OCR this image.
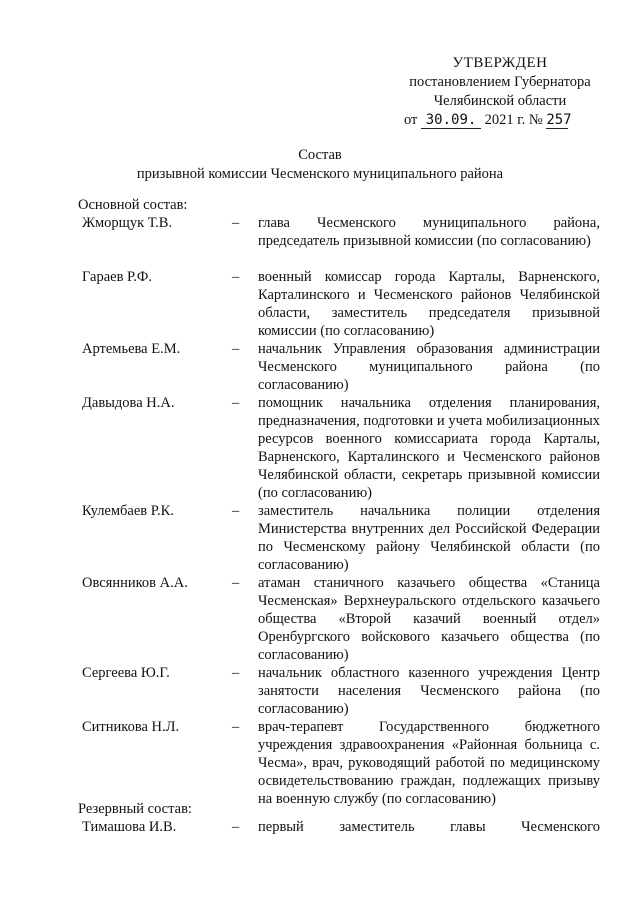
УТВЕРЖДЕН
постановлением Губернатора
Челябинской области
от 30.09. 2021 г. № 257
Состав
призывной комиссии Чесменского муниципального района
Основной состав:
Жморщук Т.В.	– глава Чесменского муниципального района, председатель призывной комиссии (по согласованию)
Гараев Р.Ф.	– военный комиссар города Карталы, Варненского, Карталинского и Чесменского районов Челябинской области, заместитель председателя призывной комиссии (по согласованию)
Артемьева Е.М.	– начальник Управления образования администрации Чесменского муниципального района (по согласованию)
Давыдова Н.А.	– помощник начальника отделения планирования, предназначения, подготовки и учета мобилизационных ресурсов военного комиссариата города Карталы, Варненского, Карталинского и Чесменского районов Челябинской области, секретарь призывной комиссии (по согласованию)
Кулембаев Р.К.	– заместитель начальника полиции отделения Министерства внутренних дел Российской Федерации по Чесменскому району Челябинской области (по согласованию)
Овсянников А.А.	– атаман станичного казачьего общества «Станица Чесменская» Верхнеуральского отдельского казачьего общества «Второй казачий военный отдел» Оренбургского войскового казачьего общества (по согласованию)
Сергеева Ю.Г.	– начальник областного казенного учреждения Центр занятости населения Чесменского района (по согласованию)
Ситникова Н.Л.	– врач-терапевт Государственного бюджетного учреждения здравоохранения «Районная больница с. Чесма», врач, руководящий работой по медицинскому освидетельствованию граждан, подлежащих призыву на военную службу (по согласованию)
Резервный состав:
Тимашова И.В.	– первый заместитель главы Чесменского
